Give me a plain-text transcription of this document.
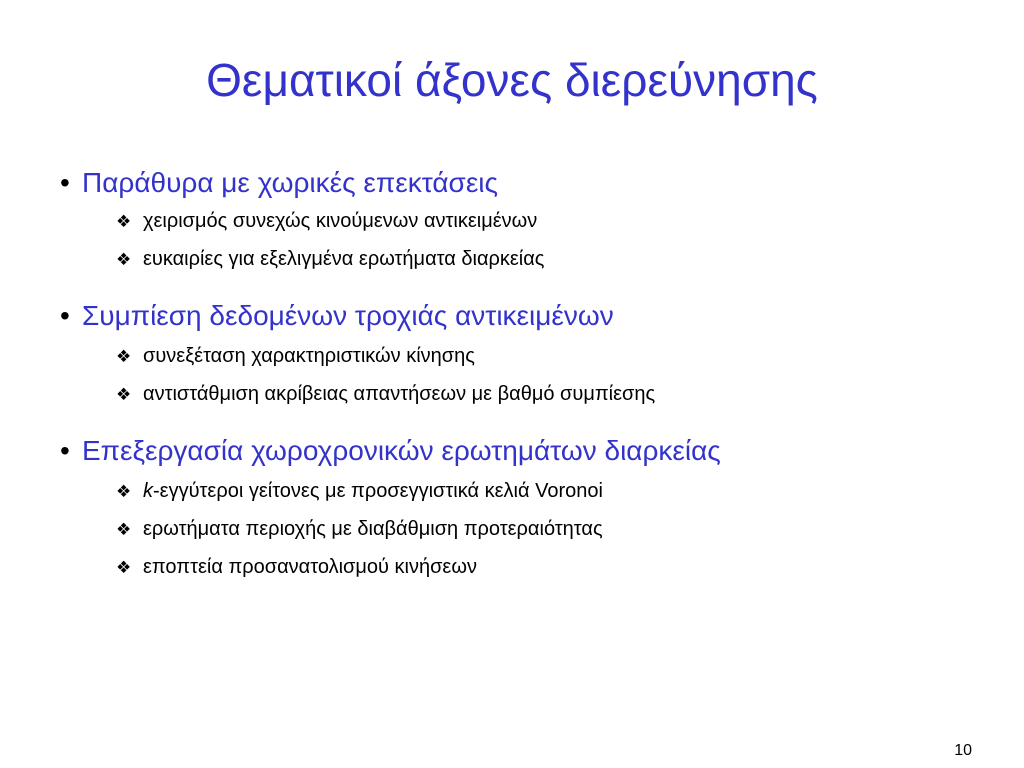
Θεματικοί άξονες διερεύνησης
• Παράθυρα με χωρικές επεκτάσεις
❖ χειρισμός συνεχώς κινούμενων αντικειμένων
❖ ευκαιρίες για εξελιγμένα ερωτήματα διαρκείας
• Συμπίεση δεδομένων τροχιάς αντικειμένων
❖ συνεξέταση χαρακτηριστικών κίνησης
❖ αντιστάθμιση ακρίβειας απαντήσεων με βαθμό συμπίεσης
• Επεξεργασία χωροχρονικών ερωτημάτων διαρκείας
❖ k-εγγύτεροι γείτονες με προσεγγιστικά κελιά Voronoi
❖ ερωτήματα περιοχής με διαβάθμιση προτεραιότητας
❖ εποπτεία προσανατολισμού κινήσεων
10
